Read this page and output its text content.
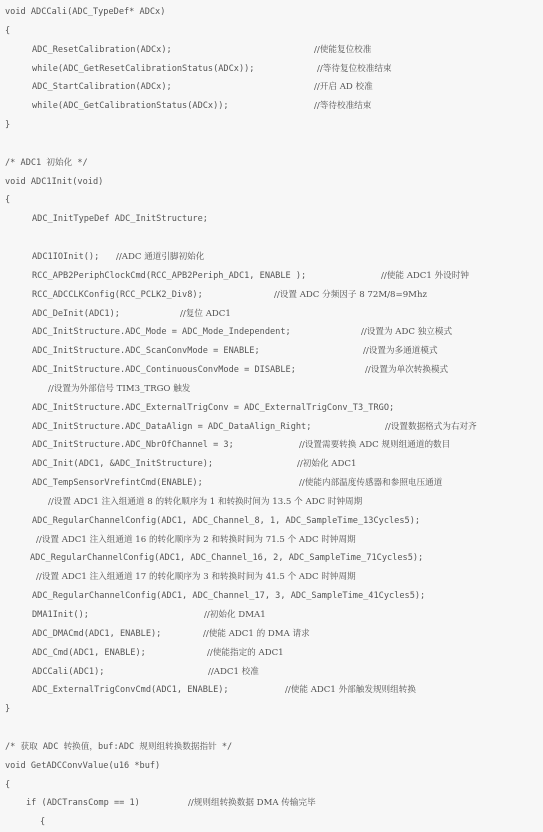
void ADCCali(ADC_TypeDef* ADCx)
{
ADC_ResetCalibration(ADCx);	//使能复位校准
while(ADC_GetResetCalibrationStatus(ADCx));	//等待复位校准结束
ADC_StartCalibration(ADCx);	//开启 AD 校准
while(ADC_GetCalibrationStatus(ADCx));	//等待校准结束
}
/* ADC1 初始化 */
void ADC1Init(void)
{
ADC_InitTypeDef ADC_InitStructure;
ADC1IOInit(); //ADC 通道引脚初始化
RCC_APB2PeriphClockCmd(RCC_APB2Periph_ADC1, ENABLE );	//使能 ADC1 外设时钟
RCC_ADCCLKConfig(RCC_PCLK2_Div8);	//设置 ADC 分频因子 8 72M/8=9Mhz
ADC_DeInit(ADC1);	//复位 ADC1
ADC_InitStructure.ADC_Mode = ADC_Mode_Independent;	//设置为 ADC 独立模式
ADC_InitStructure.ADC_ScanConvMode = ENABLE;	//设置为多通道模式
ADC_InitStructure.ADC_ContinuousConvMode = DISABLE;	//设置为单次转换模式
//设置为外部信号 TIM3_TRGO 触发
ADC_InitStructure.ADC_ExternalTrigConv = ADC_ExternalTrigConv_T3_TRGO;
ADC_InitStructure.ADC_DataAlign = ADC_DataAlign_Right;	//设置数据格式为右对齐
ADC_InitStructure.ADC_NbrOfChannel = 3;	//设置需要转换 ADC 规则组通道的数目
ADC_Init(ADC1, &ADC_InitStructure);	//初始化 ADC1
ADC_TempSensorVrefintCmd(ENABLE);	//使能内部温度传感器和参照电压通道
//设置 ADC1 注入组通道 8 的转化顺序为 1 和转换时间为 13.5 个 ADC 时钟周期
ADC_RegularChannelConfig(ADC1, ADC_Channel_8, 1, ADC_SampleTime_13Cycles5);
//设置 ADC1 注入组通道 16 的转化顺序为 2 和转换时间为 71.5 个 ADC 时钟周期
ADC_RegularChannelConfig(ADC1, ADC_Channel_16, 2, ADC_SampleTime_71Cycles5);
//设置 ADC1 注入组通道 17 的转化顺序为 3 和转换时间为 41.5 个 ADC 时钟周期
ADC_RegularChannelConfig(ADC1, ADC_Channel_17, 3, ADC_SampleTime_41Cycles5);
DMA1Init();	//初始化 DMA1
ADC_DMACmd(ADC1, ENABLE);	//使能 ADC1 的 DMA 请求
ADC_Cmd(ADC1, ENABLE);	//使能指定的 ADC1
ADCCali(ADC1);	//ADC1 校准
ADC_ExternalTrigConvCmd(ADC1, ENABLE);	//使能 ADC1 外部触发规则组转换
}
/* 获取 ADC 转换值，buf:ADC 规则组转换数据指针 */
void GetADCConvValue(u16 *buf)
{
if (ADCTransComp == 1)	//规则组转换数据 DMA 传输完毕
{
